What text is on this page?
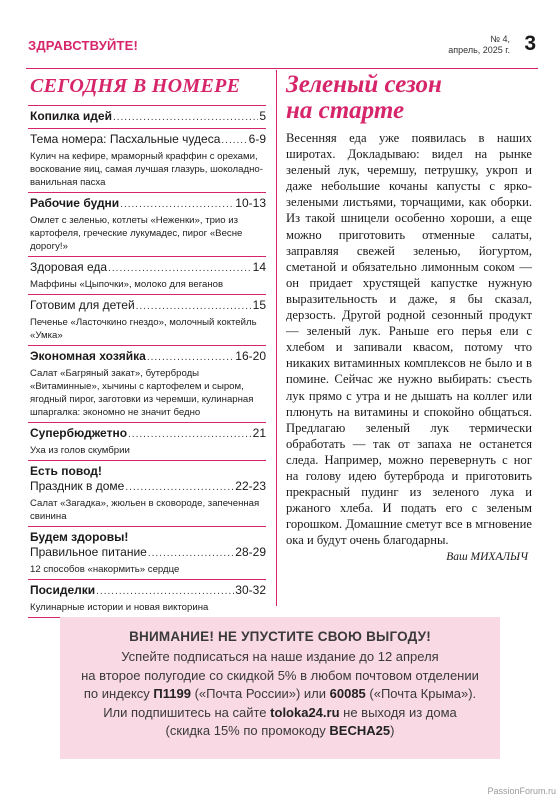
ЗДРАВСТВУЙТЕ!	№ 4,
апрель, 2025 г. 3
СЕГОДНЯ В НОМЕРЕ
Копилка идей .....	5
Тема номера: Пасхальные чудеса ..... 6-9
Кулич на кефире, мраморный краффин с орехами, воскование яиц, самая лучшая глазурь, шоколадно-ванильная пасха
Рабочие будни .....	10-13
Омлет с зеленью, котлеты «Неженки», трио из картофеля, греческие лукумадес, пирог «Весне дорогу!»
Здоровая еда .....	14
Маффины «Цыпочки», молоко для веганов
Готовим для детей .....	15
Печенье «Ласточкино гнездо», молочный коктейль «Умка»
Экономная хозяйка .....	16-20
Салат «Багряный закат», бутерброды «Витаминные», хычины с картофелем и сыром, ягодный пирог, заготовки из черемши, кулинарная шпаргалка: экономно не значит бедно
Супербюджетно .....	21
Уха из голов скумбрии
Есть повод!
Праздник в доме .....	22-23
Салат «Загадка», жюльен в сковороде, запеченная свинина
Будем здоровы!
Правильное питание .....	28-29
12 способов «накормить» сердце
Посиделки .....	30-32
Кулинарные истории и новая викторина
Зеленый сезон
на старте
Весенняя еда уже появилась в наших широтах. Докладываю: видел на рынке зеленый лук, черемшу, петрушку, укроп и даже небольшие кочаны капусты с ярко-зелеными листьями, торчащими, как оборки. Из такой шницели особенно хороши, а еще можно приготовить отменные салаты, заправляя свежей зеленью, йогуртом, сметаной и обязательно лимонным соком — он придает хрустящей капустке нужную выразительность и даже, я бы сказал, дерзость. Другой родной сезонный продукт — зеленый лук. Раньше его перья ели с хлебом и запивали квасом, потому что никаких витаминных комплексов не было и в помине. Сейчас же нужно выбирать: съесть лук прямо с утра и не дышать на коллег или плюнуть на витамины и спокойно общаться. Предлагаю зеленый лук термически обработать — так от запаха не останется следа. Например, можно перевернуть с ног на голову идею бутерброда и приготовить прекрасный пудинг из зеленого лука и ржаного хлеба. И подать его с зеленым горошком. Домашние сметут все в мгновение ока и будут очень благодарны.
Ваш МИХАЛЫЧ
ВНИМАНИЕ! НЕ УПУСТИТЕ СВОЮ ВЫГОДУ!
Успейте подписаться на наше издание до 12 апреля
на второе полугодие со скидкой 5% в любом почтовом отделении
по индексу П1199 («Почта России») или 60085 («Почта Крыма»).
Или подпишитесь на сайте toloka24.ru не выходя из дома
(скидка 15% по промокоду ВЕСНА25)
PassionForum.ru
